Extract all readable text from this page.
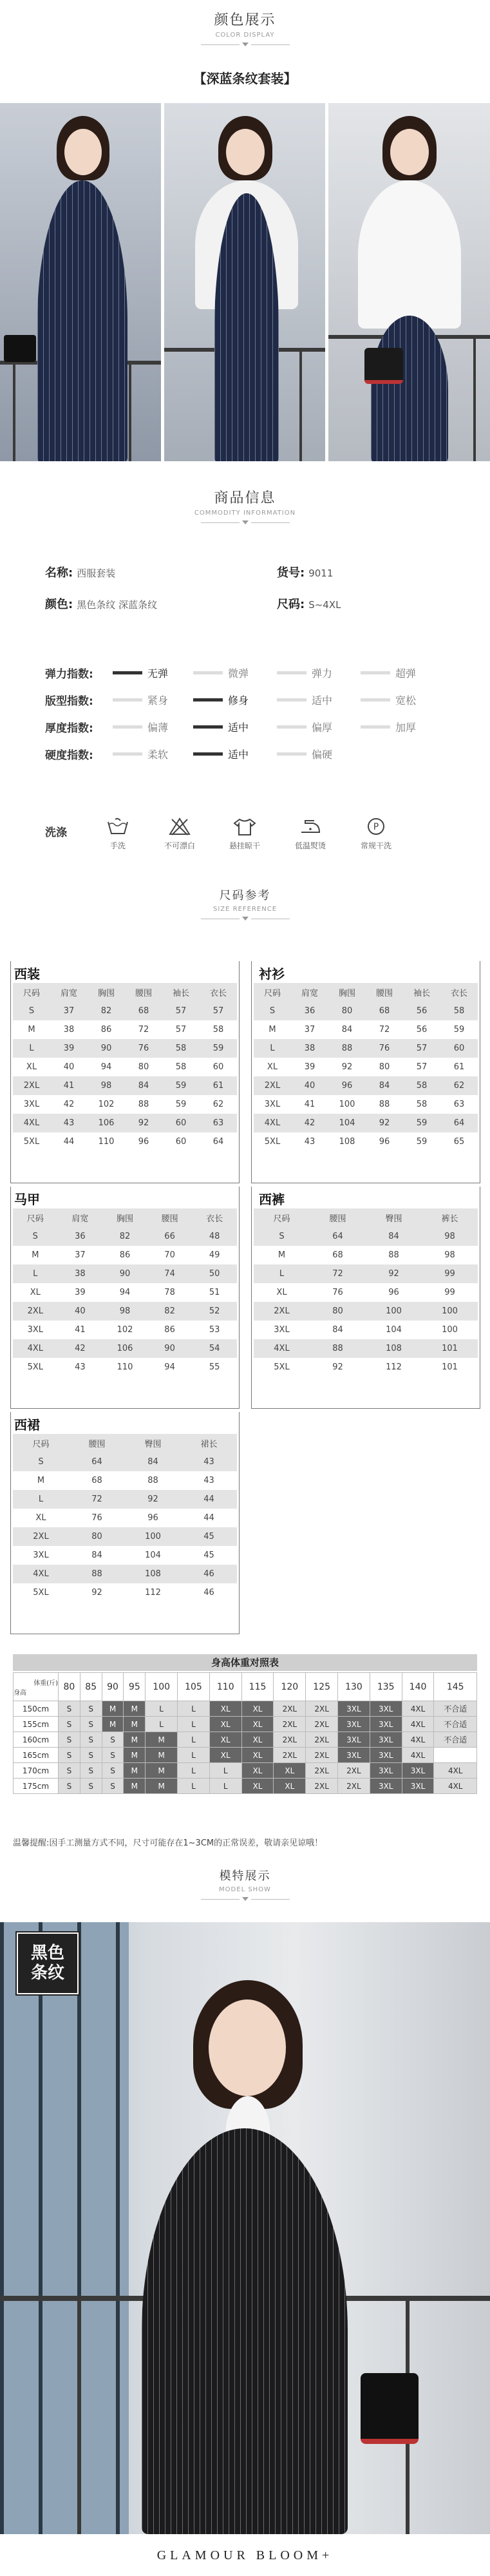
颜色展示
COLOR DISPLAY
【深蓝条纹套装】
商品信息
COMMODITY INFORMATION
名称: 西服套装	货号: 9011
颜色: 黑色条纹 深蓝条纹	尺码: S~4XL
弹力指数:	无弹	微弹	弹力	超弹
版型指数:	紧身	修身	适中	宽松
厚度指数:	偏薄	适中	偏厚	加厚
硬度指数:	柔软	适中	偏硬
洗涤
手洗	不可漂白	悬挂晾干	低温熨烫
P
常规干洗
尺码参考
SIZE REFERENCE
西装
尺码	肩宽	胸围	腰围	袖长	衣长
S	37	82	68	57	57
M	38	86	72	57	58
L	39	90	76	58	59
XL	40	94	80	58	60
2XL	41	98	84	59	61
3XL	42	102	88	59	62
4XL	43	106	92	60	63
5XL	44	110	96	60	64
衬衫
尺码	肩宽	胸围	腰围	袖长	衣长
S	36	80	68	56	58
M	37	84	72	56	59
L	38	88	76	57	60
XL	39	92	80	57	61
2XL	40	96	84	58	62
3XL	41	100	88	58	63
4XL	42	104	92	59	64
5XL	43	108	96	59	65
马甲
尺码	肩宽	胸围	腰围	衣长
S	36	82	66	48
M	37	86	70	49
L	38	90	74	50
XL	39	94	78	51
2XL	40	98	82	52
3XL	41	102	86	53
4XL	42	106	90	54
5XL	43	110	94	55
西裤
尺码	腰围	臀围	裤长
S	64	84	98
M	68	88	98
L	72	92	99
XL	76	96	99
2XL	80	100	100
3XL	84	104	100
4XL	88	108	101
5XL	92	112	101
西裙
尺码	腰围	臀围	裙长
S	64	84	43
M	68	88	43
L	72	92	44
XL	76	96	44
2XL	80	100	45
3XL	84	104	45
4XL	88	108	46
5XL	92	112	46
身高体重对照表
体重(斤)
身高	80	85	90	95	100	105	110	115	120	125	130	135	140	145
150cm	S	S	M	M	L	L	XL	XL	2XL	2XL	3XL	3XL	4XL	不合适
155cm	S	S	M	M	L	L	XL	XL	2XL	2XL	3XL	3XL	4XL	不合适
160cm	S	S	S	M	M	L	XL	XL	2XL	2XL	3XL	3XL	4XL	不合适
165cm	S	S	S	M	M	L	XL	XL	2XL	2XL	3XL	3XL	4XL	
170cm	S	S	S	M	M	L	L	XL	XL	2XL	2XL	3XL	3XL	4XL
175cm	S	S	S	M	M	L	L	XL	XL	2XL	2XL	3XL	3XL	4XL
温馨提醒:因手工测量方式不同，尺寸可能存在1~3CM的正常误差，敬请亲见谅哦！
模特展示
MODEL SHOW
黑色
条纹
GLAMOUR BLOOM+
